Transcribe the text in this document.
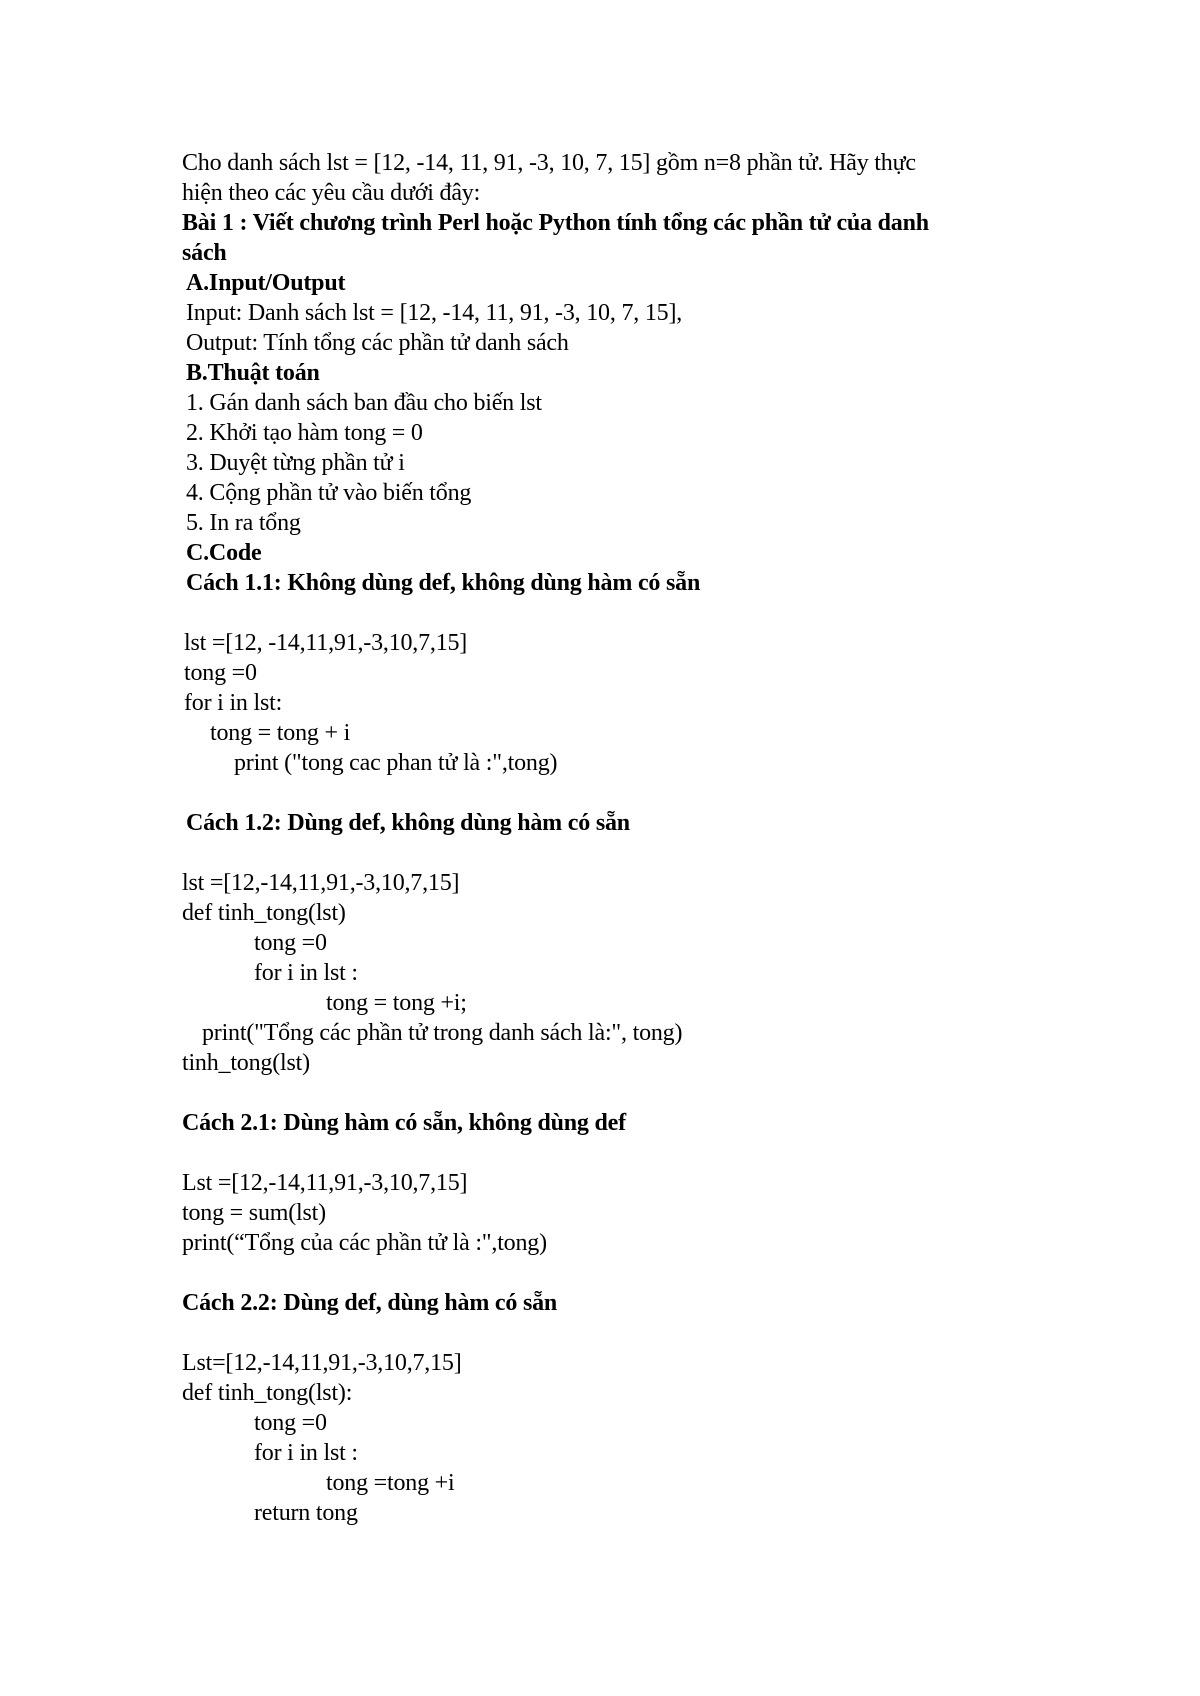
Cho danh sách lst = [12, -14, 11, 91, -3, 10, 7, 15] gồm n=8 phần tử. Hãy thực
hiện theo các yêu cầu dưới đây:
Bài 1 : Viết chương trình Perl hoặc Python tính tổng các phần tử của danh
sách
A.Input/Output
Input: Danh sách lst = [12, -14, 11, 91, -3, 10, 7, 15],
Output: Tính tổng các phần tử danh sách
B.Thuật toán
1. Gán danh sách ban đầu cho biến lst
2. Khởi tạo hàm tong = 0
3. Duyệt từng phần tử i
4. Cộng phần tử vào biến tổng
5. In ra tổng
C.Code
Cách 1.1: Không dùng def, không dùng hàm có sẵn
lst =[12, -14,11,91,-3,10,7,15]
tong =0
for i in lst:
tong = tong + i
print ("tong cac phan tử là :",tong)
Cách 1.2: Dùng def, không dùng hàm có sẵn
lst =[12,-14,11,91,-3,10,7,15]
def tinh_tong(lst)
tong =0
for i in lst :
tong = tong +i;
print("Tổng các phần tử trong danh sách là:", tong)
tinh_tong(lst)
Cách 2.1: Dùng hàm có sẵn, không dùng def
Lst =[12,-14,11,91,-3,10,7,15]
tong = sum(lst)
print(“Tổng của các phần tử là :",tong)
Cách 2.2: Dùng def, dùng hàm có sẵn
Lst=[12,-14,11,91,-3,10,7,15]
def tinh_tong(lst):
tong =0
for i in lst :
tong =tong +i
return tong
